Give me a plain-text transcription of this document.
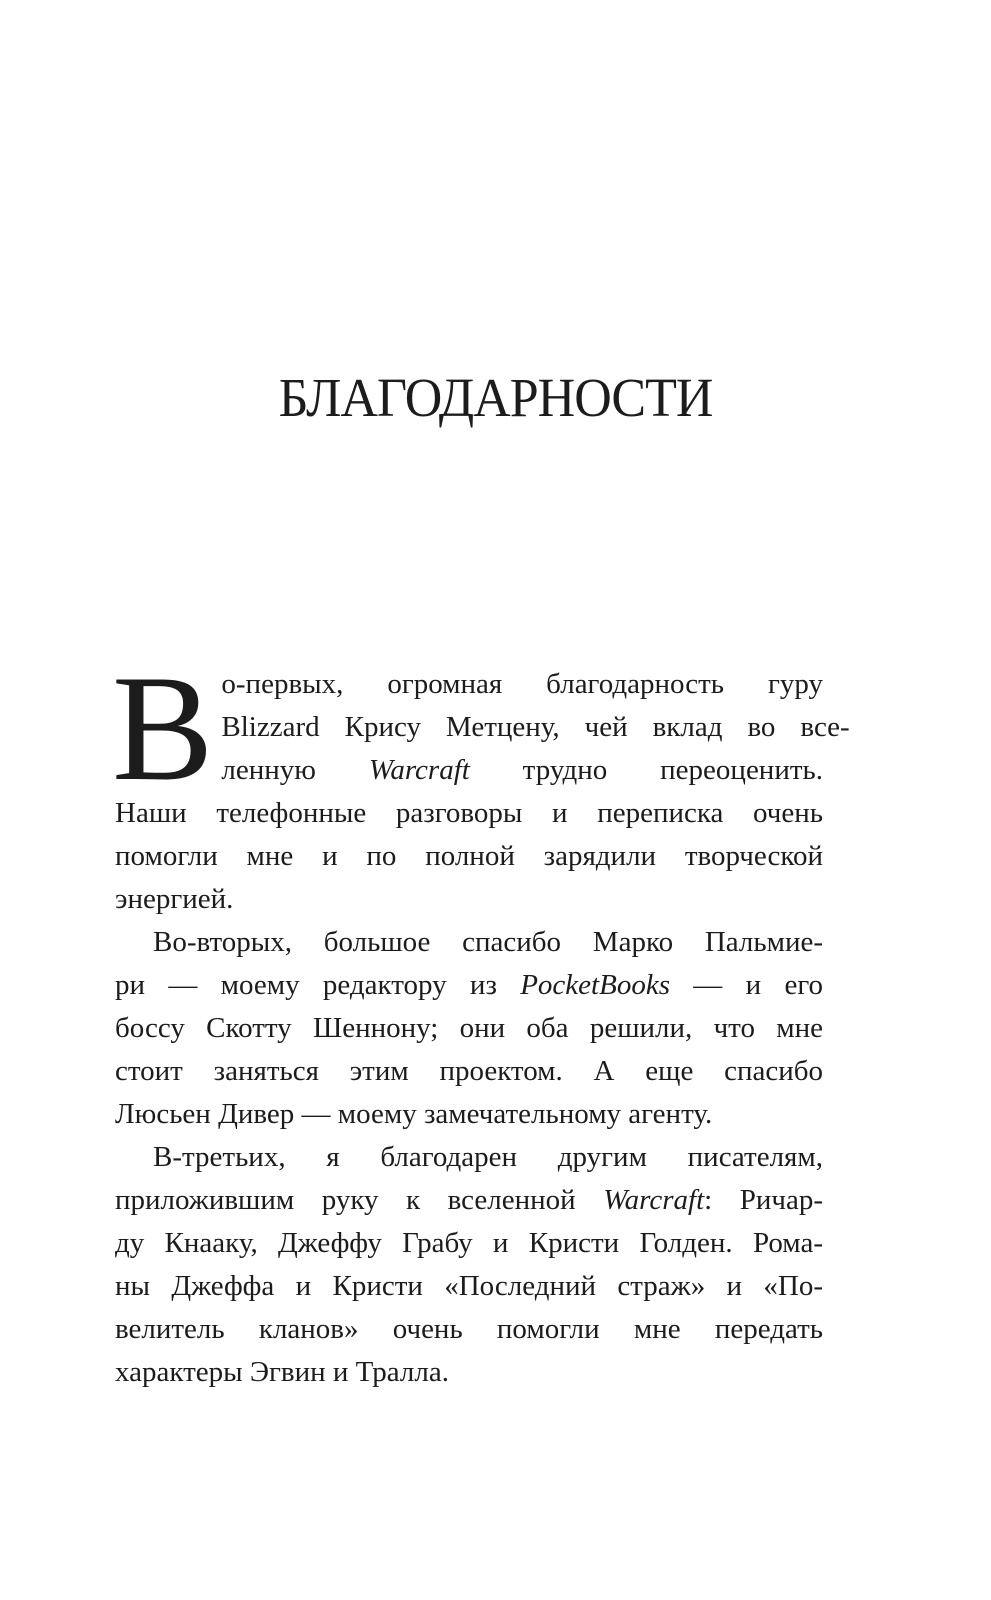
БЛАГОДАРНОСТИ

В о-первых, огромная благодарность гуру
Blizzard Крису Метцену, чей вклад во все-
ленную Warcraft трудно переоценить.
Наши телефонные разговоры и переписка очень
помогли мне и по полной зарядили творческой
энергией.

Во-вторых, большое спасибо Марко Пальмие-
ри — моему редактору из PocketBooks — и его
боссу Скотту Шеннону; они оба решили, что мне
стоит заняться этим проектом. А еще спасибо
Люсьен Дивер — моему замечательному агенту.

В-третьих, я благодарен другим писателям,
приложившим руку к вселенной Warcraft: Ричар-
ду Кнааку, Джеффу Грабу и Кристи Голден. Рома-
ны Джеффа и Кристи «Последний страж» и «По-
велитель кланов» очень помогли мне передать
характеры Эгвин и Тралла.
